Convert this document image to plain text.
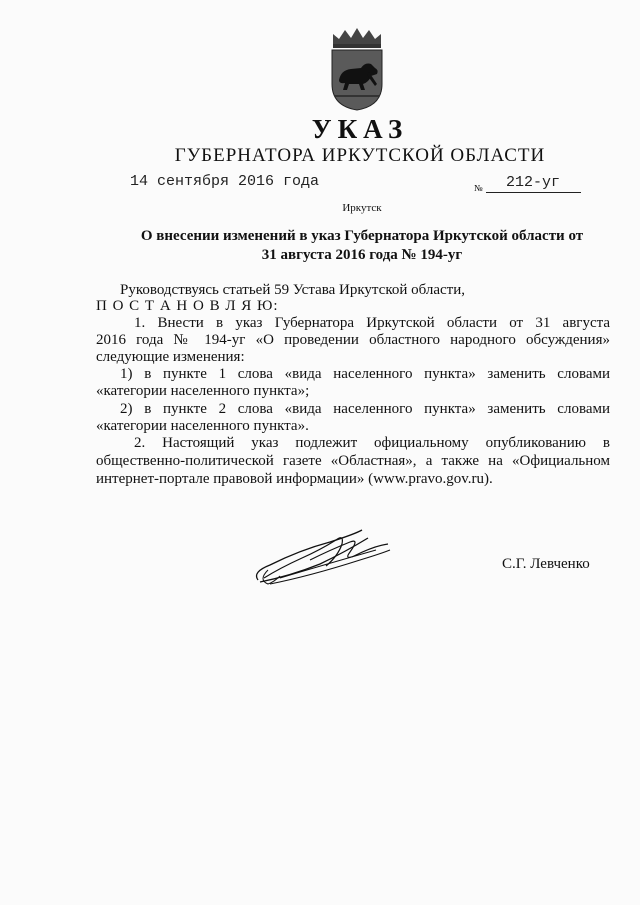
УКАЗ
ГУБЕРНАТОРА ИРКУТСКОЙ ОБЛАСТИ
14 сентября 2016 года	№ 212-уг
Иркутск
О внесении изменений в указ Губернатора Иркутской области от
31 августа 2016 года № 194-уг
Руководствуясь статьей 59 Устава Иркутской области,
П О С Т А Н О В Л Я Ю:
1. Внести в указ Губернатора Иркутской области от 31 августа
2016 года № 194-уг «О проведении областного народного обсуждения»
следующие изменения:
1) в пункте 1 слова «вида населенного пункта» заменить словами
«категории населенного пункта»;
2) в пункте 2 слова «вида населенного пункта» заменить словами
«категории населенного пункта».
2. Настоящий указ подлежит официальному опубликованию в
общественно-политической газете «Областная», а также на «Официальном
интернет-портале правовой информации» (www.pravo.gov.ru).
С.Г. Левченко
